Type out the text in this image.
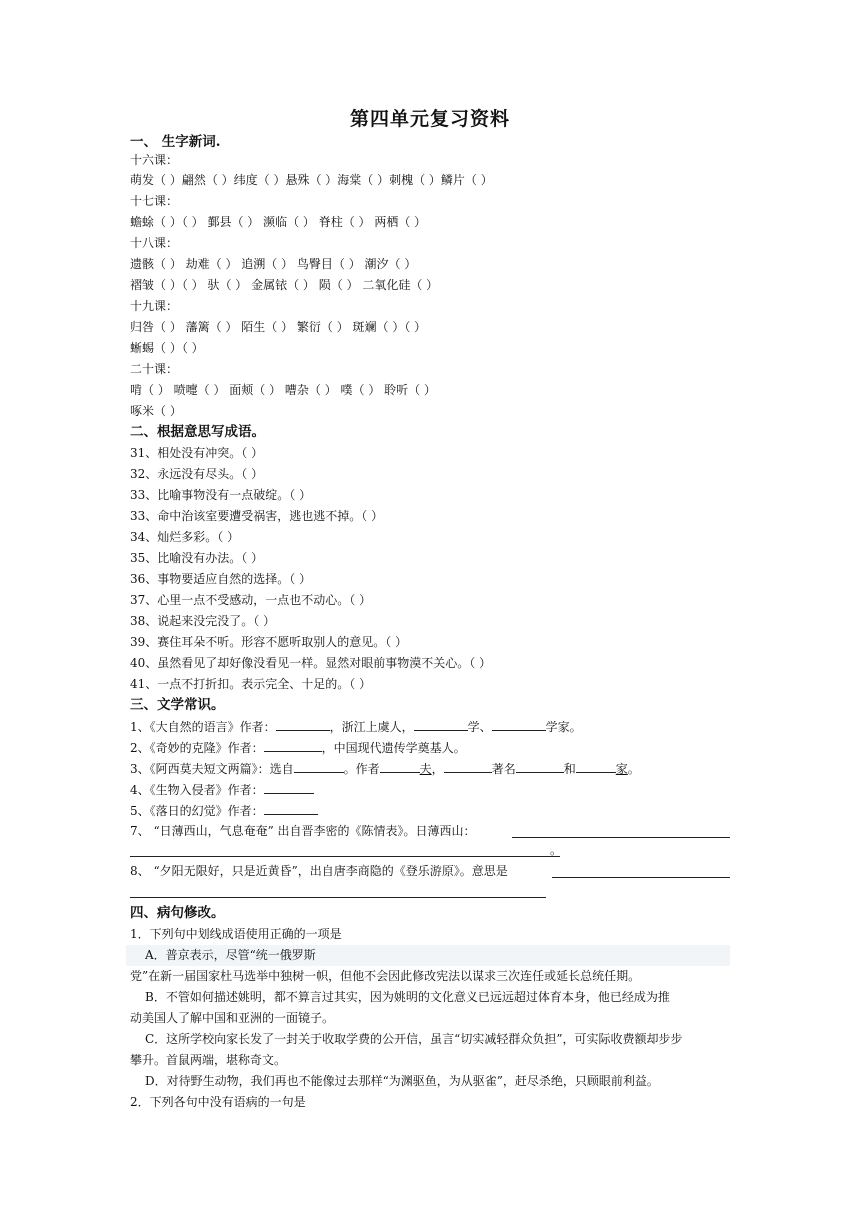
第四单元复习资料
一、 生字新词.
十六课：
萌发（ ）翩然（ ）纬度（ ）悬殊（ ）海棠（ ）刺槐（ ）鳞片（ ）
十七课：
蟾蜍（ ）（ ） 鄞县（ ） 濒临（ ） 脊柱（ ） 两栖（ ）
十八课：
遗骸（ ） 劫难（ ） 追溯（ ） 鸟臀目（ ） 潮汐（ ）
褶皱（ ）（ ） 驮（ ） 金属铱（ ） 陨（ ） 二氧化硅（ ）
十九课：
归咎（ ） 藩篱（ ） 陌生（ ） 繁衍（ ） 斑斓（ ）（ ）
蜥蜴（ ）（ ）
二十课：
啃（ ） 喷嚏（ ） 面颊（ ） 嘈杂（ ） 噗（ ） 聆听（ ）
啄米（ ）
二、根据意思写成语。
31、相处没有冲突。（ ）
32、永远没有尽头。（ ）
33、比喻事物没有一点破绽。（ ）
33、命中治该室要遭受祸害，逃也逃不掉。（ ）
34、灿烂多彩。（ ）
35、比喻没有办法。（ ）
36、事物要适应自然的选择。（ ）
37、心里一点不受感动，一点也不动心。（ ）
38、说起来没完没了。（ ）
39、赛住耳朵不听。形容不愿听取别人的意见。（ ）
40、虽然看见了却好像没看见一样。显然对眼前事物漠不关心。（ ）
41、一点不打折扣。表示完全、十足的。（ ）
三、文学常识。
1、《大自然的语言》作者：	，浙江上虞人，	学、	学家。
2、《奇妙的克隆》作者：	，中国现代遗传学奠基人。
3、《阿西莫夫短文两篇》：选自	。作者	夫，	著名	和	家。
4、《生物入侵者》作者：
5、《落日的幻觉》作者：
7、 “日薄西山，气息奄奄” 出自晋李密的《陈情表》。日薄西山：
。
8、 “夕阳无限好，只是近黄昏”，出自唐李商隐的《登乐游原》。意思是
四、病句修改。
1．下列句中划线成语使用正确的一项是
A．普京表示，尽管“统一俄罗斯
党”在新一届国家杜马选举中独树一帜，但他不会因此修改宪法以谋求三次连任或延长总统任期。
B．不管如何描述姚明，都不算言过其实，因为姚明的文化意义已远远超过体育本身，他已经成为推
动美国人了解中国和亚洲的一面镜子。
C．这所学校向家长发了一封关于收取学费的公开信，虽言“切实减轻群众负担”，可实际收费额却步步
攀升。首鼠两端，堪称奇文。
D．对待野生动物，我们再也不能像过去那样“为渊驱鱼，为从驱雀”，赶尽杀绝，只顾眼前利益。
2．下列各句中没有语病的一句是
